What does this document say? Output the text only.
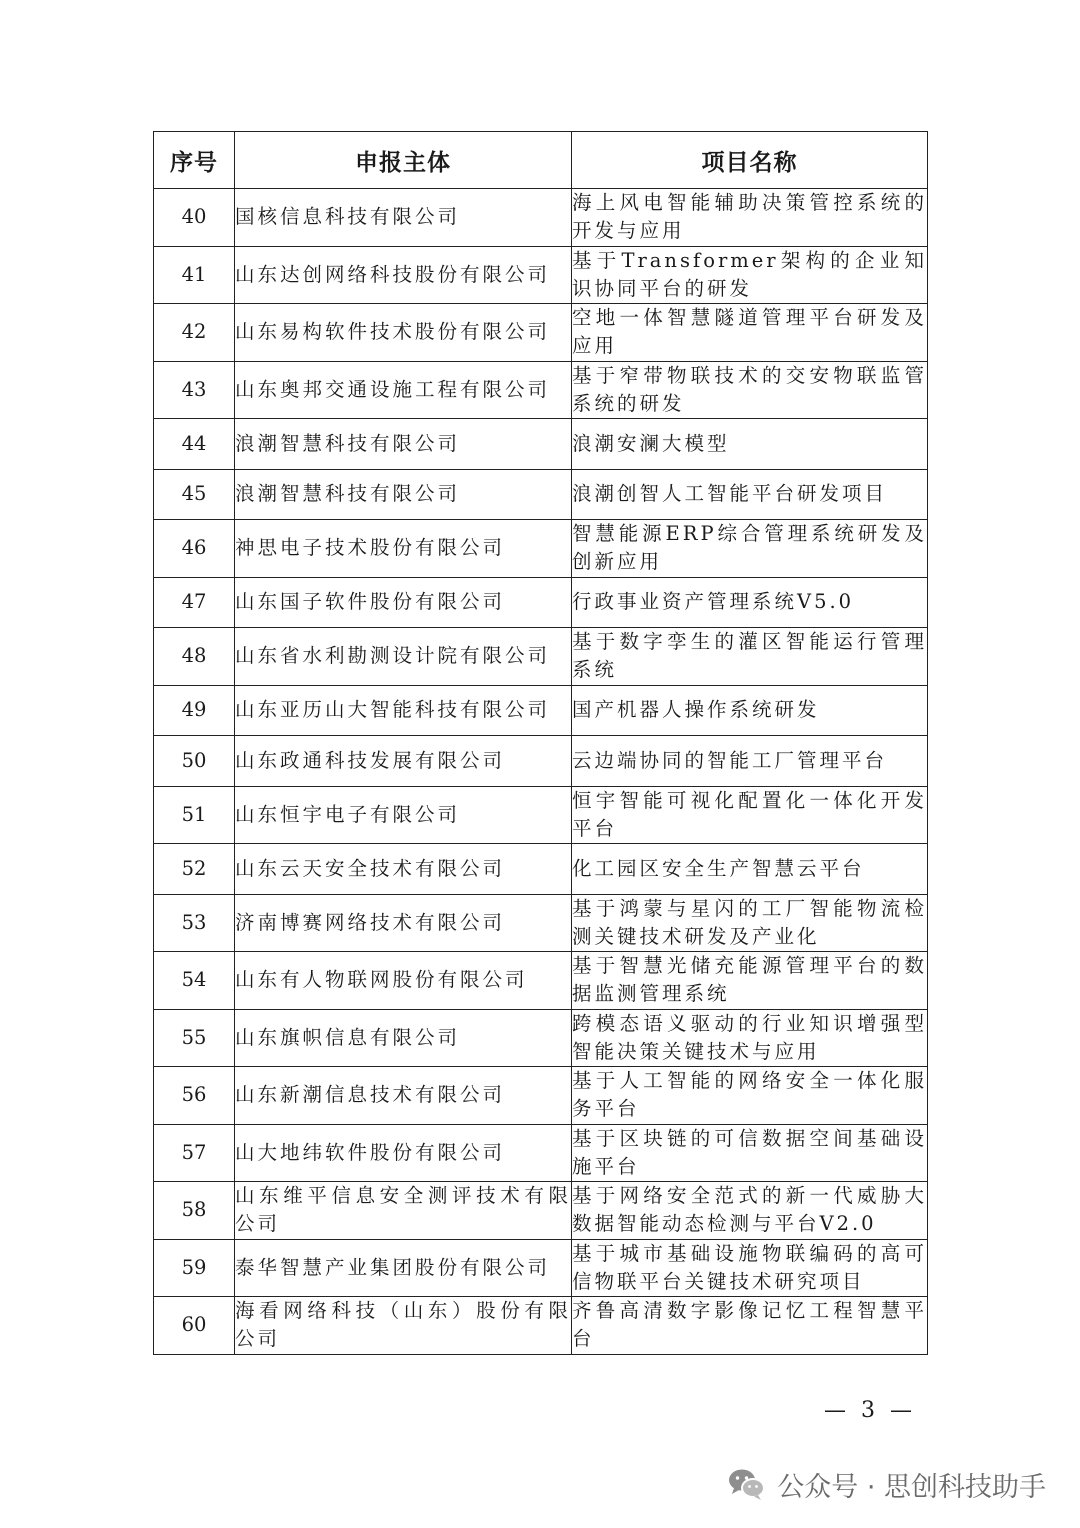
序号	申报主体	项目名称
40	国核信息科技有限公司	海上风电智能辅助决策管控系统的开发与应用
41	山东达创网络科技股份有限公司	基于Transformer架构的企业知识协同平台的研发
42	山东易构软件技术股份有限公司	空地一体智慧隧道管理平台研发及应用
43	山东奥邦交通设施工程有限公司	基于窄带物联技术的交安物联监管系统的研发
44	浪潮智慧科技有限公司	浪潮安澜大模型
45	浪潮智慧科技有限公司	浪潮创智人工智能平台研发项目
46	神思电子技术股份有限公司	智慧能源ERP综合管理系统研发及创新应用
47	山东国子软件股份有限公司	行政事业资产管理系统V5.0
48	山东省水利勘测设计院有限公司	基于数字孪生的灌区智能运行管理系统
49	山东亚历山大智能科技有限公司	国产机器人操作系统研发
50	山东政通科技发展有限公司	云边端协同的智能工厂管理平台
51	山东恒宇电子有限公司	恒宇智能可视化配置化一体化开发平台
52	山东云天安全技术有限公司	化工园区安全生产智慧云平台
53	济南博赛网络技术有限公司	基于鸿蒙与星闪的工厂智能物流检测关键技术研发及产业化
54	山东有人物联网股份有限公司	基于智慧光储充能源管理平台的数据监测管理系统
55	山东旗帜信息有限公司	跨模态语义驱动的行业知识增强型智能决策关键技术与应用
56	山东新潮信息技术有限公司	基于人工智能的网络安全一体化服务平台
57	山大地纬软件股份有限公司	基于区块链的可信数据空间基础设施平台
58	山东维平信息安全测评技术有限公司	基于网络安全范式的新一代威胁大数据智能动态检测与平台V2.0
59	泰华智慧产业集团股份有限公司	基于城市基础设施物联编码的高可信物联平台关键技术研究项目
60	海看网络科技（山东）股份有限公司	齐鲁高清数字影像记忆工程智慧平台
— 3 —
公众号 · 思创科技助手
